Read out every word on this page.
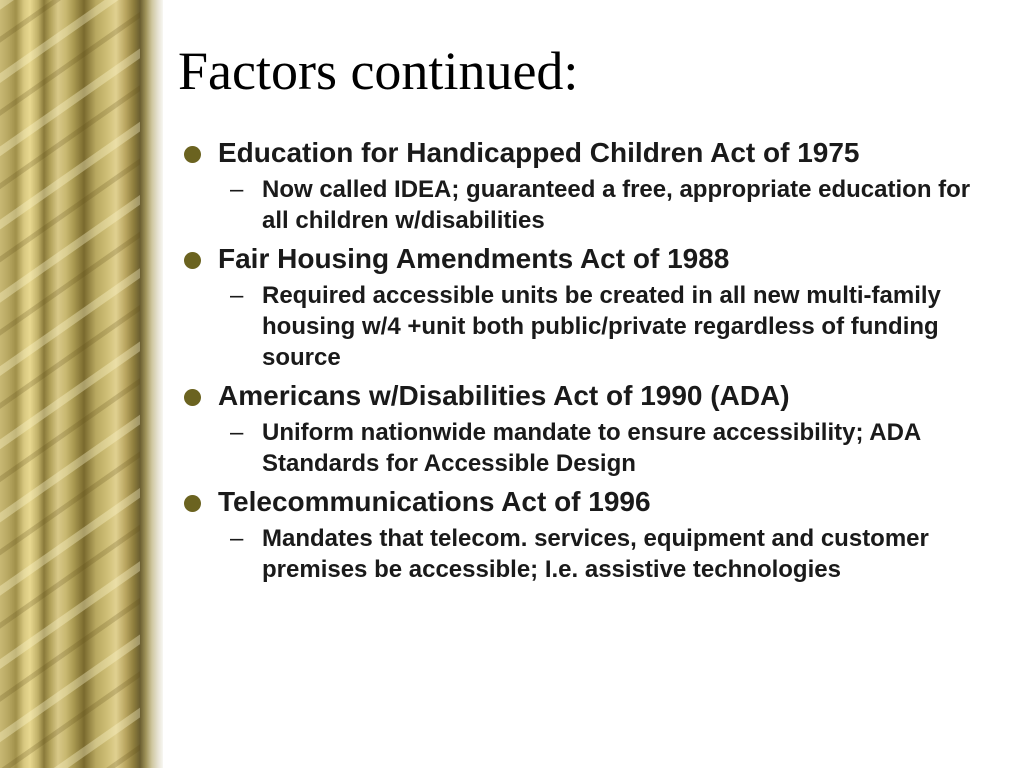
Factors continued:
Education for Handicapped Children Act of 1975
– Now called IDEA; guaranteed a free, appropriate education for all children w/disabilities
Fair Housing Amendments Act of 1988
– Required accessible units be created in all new multi-family housing w/4 +unit both public/private regardless of funding source
Americans w/Disabilities Act of 1990 (ADA)
– Uniform nationwide mandate to ensure accessibility; ADA Standards for Accessible Design
Telecommunications Act of 1996
– Mandates that telecom. services, equipment and customer premises be accessible; I.e. assistive technologies
